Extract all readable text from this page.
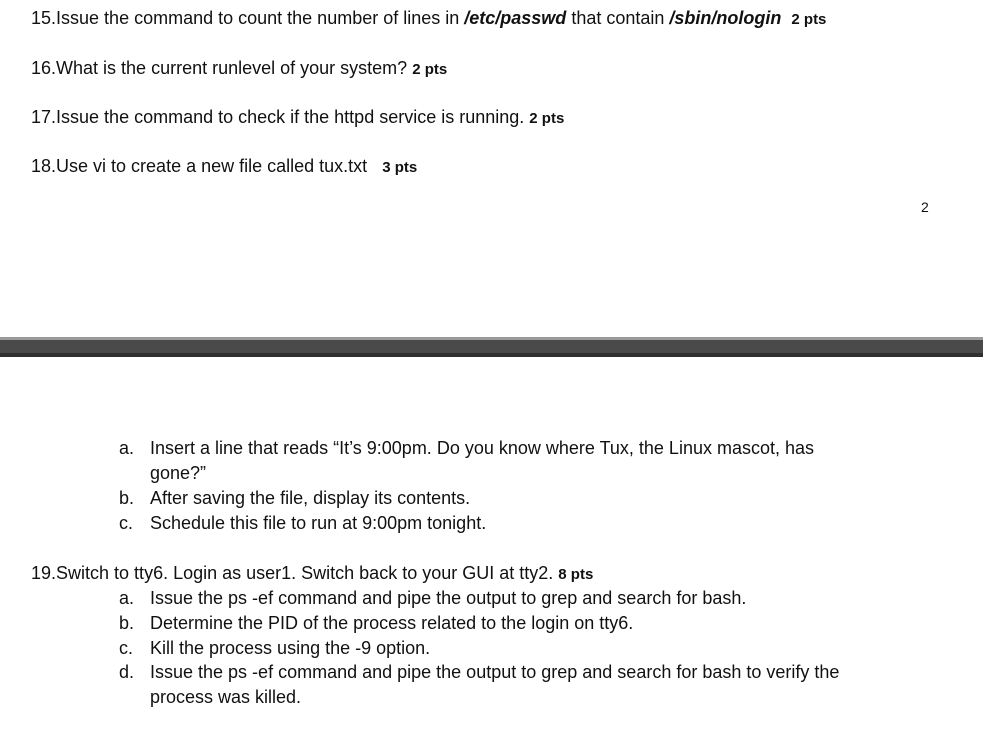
15.Issue the command to count the number of lines in /etc/passwd that contain /sbin/nologin 2 pts
16.What is the current runlevel of your system? 2 pts
17.Issue the command to check if the httpd service is running. 2 pts
18.Use vi to create a new file called tux.txt 3 pts
2
a. Insert a line that reads “It’s 9:00pm. Do you know where Tux, the Linux mascot, has
gone?”
b. After saving the file, display its contents.
c. Schedule this file to run at 9:00pm tonight.
19.Switch to tty6. Login as user1. Switch back to your GUI at tty2. 8 pts
a. Issue the ps -ef command and pipe the output to grep and search for bash.
b. Determine the PID of the process related to the login on tty6.
c. Kill the process using the -9 option.
d. Issue the ps -ef command and pipe the output to grep and search for bash to verify the
process was killed.
